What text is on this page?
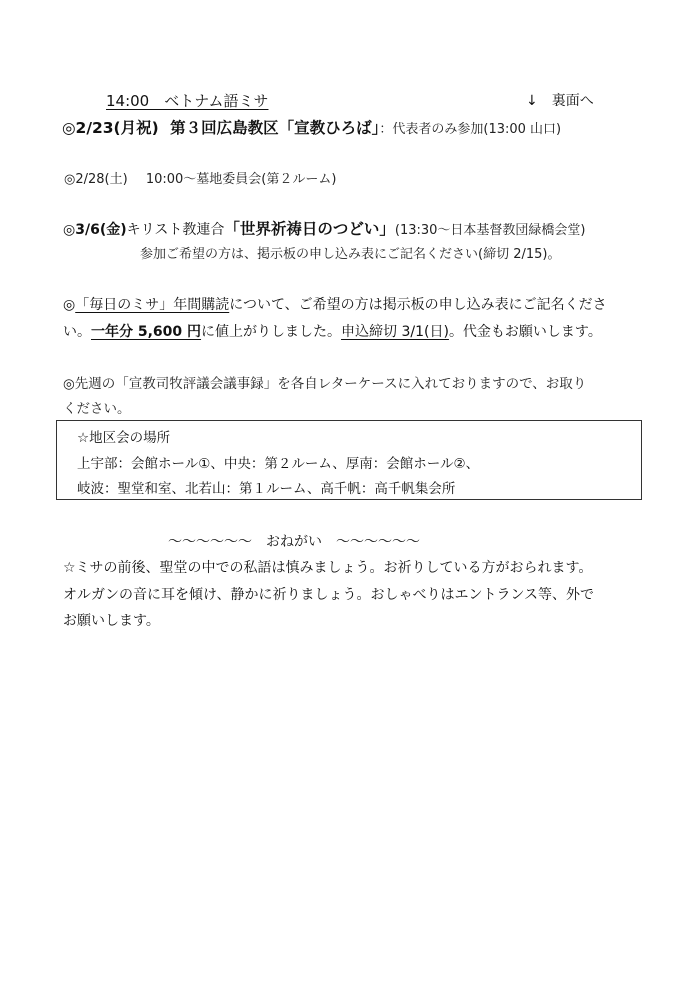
14:00　ベトナム語ミサ	↓　裏面へ
◎2/23(月祝) 第３回広島教区「宣教ひろば」：代表者のみ参加(13:00 山口)
◎2/28(土) 10:00～墓地委員会(第２ルーム)
◎3/6(金)キリスト教連合「世界祈祷日のつどい」(13:30～日本基督教団緑橋会堂)
参加ご希望の方は、掲示板の申し込み表にご記名ください(締切 2/15)。
◎「毎日のミサ」年間購読について、ご希望の方は掲示板の申し込み表にご記名くださ
い。一年分 5,600 円に値上がりしました。申込締切 3/1(日)。代金もお願いします。
◎先週の「宣教司牧評議会議事録」を各自レターケースに入れておりますので、お取り
ください。
☆地区会の場所
上宇部：会館ホール①、中央：第２ルーム、厚南：会館ホール②、
岐波：聖堂和室、北若山：第１ルーム、高千帆：高千帆集会所
～～～～～～　おねがい　～～～～～～
☆ミサの前後、聖堂の中での私語は慎みましょう。お祈りしている方がおられます。
オルガンの音に耳を傾け、静かに祈りましょう。おしゃべりはエントランス等、外で
お願いします。
